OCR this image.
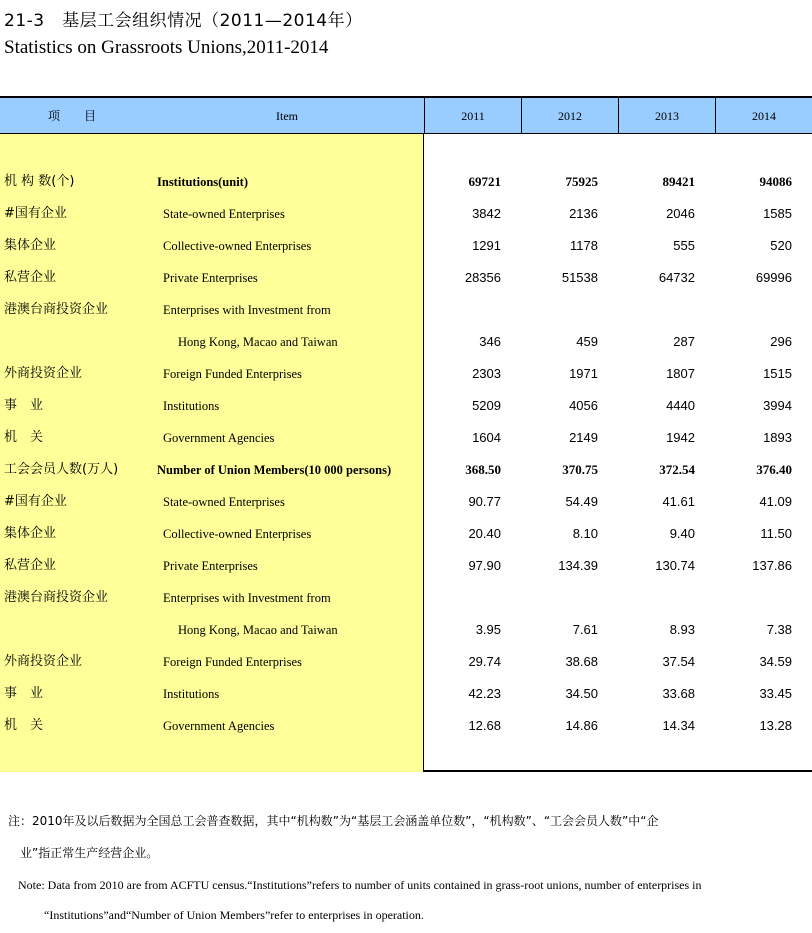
21-3　基层工会组织情况（2011—2014年）
Statistics on Grassroots Unions,2011-2014
项　目	Item	2011	2012	2013	2014
机 构 数(个)	Institutions(unit)	69721	75925	89421	94086
#国有企业	State-owned Enterprises	3842	2136	2046	1585
集体企业	Collective-owned Enterprises	1291	1178	555	520
私营企业	Private Enterprises	28356	51538	64732	69996
港澳台商投资企业	Enterprises with Investment from
Hong Kong, Macao and Taiwan	346	459	287	296
外商投资企业	Foreign Funded Enterprises	2303	1971	1807	1515
事　业	Institutions	5209	4056	4440	3994
机　关	Government Agencies	1604	2149	1942	1893
工会会员人数(万人)	Number of Union Members(10 000 persons)	368.50	370.75	372.54	376.40
#国有企业	State-owned Enterprises	90.77	54.49	41.61	41.09
集体企业	Collective-owned Enterprises	20.40	8.10	9.40	11.50
私营企业	Private Enterprises	97.90	134.39	130.74	137.86
港澳台商投资企业	Enterprises with Investment from
Hong Kong, Macao and Taiwan	3.95	7.61	8.93	7.38
外商投资企业	Foreign Funded Enterprises	29.74	38.68	37.54	34.59
事　业	Institutions	42.23	34.50	33.68	33.45
机　关	Government Agencies	12.68	14.86	14.34	13.28
注：2010年及以后数据为全国总工会普查数据，其中“机构数”为“基层工会涵盖单位数”，“机构数”、“工会会员人数”中“企
业”指正常生产经营企业。
Note: Data from 2010 are from ACFTU census.“Institutions”refers to number of units contained in grass-root unions, number of enterprises in
“Institutions”and“Number of Union Members”refer to enterprises in operation.
